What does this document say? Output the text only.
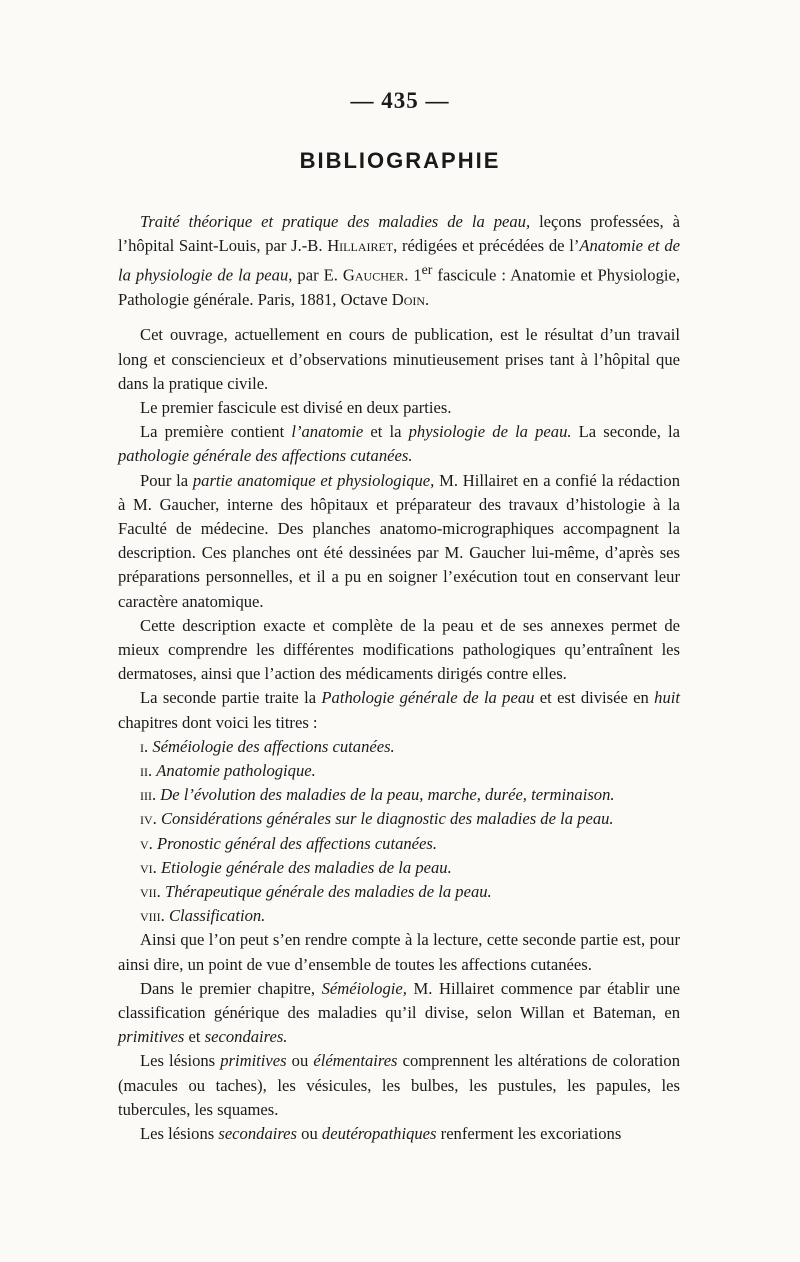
— 435 —
BIBLIOGRAPHIE

Traité théorique et pratique des maladies de la peau, leçons professées, à l’hôpital Saint-Louis, par J.-B. Hillairet, rédigées et précédées de l’Anatomie et de la physiologie de la peau, par E. Gaucher. 1er fascicule : Anatomie et Physiologie, Pathologie générale. Paris, 1881, Octave Doin.

Cet ouvrage, actuellement en cours de publication, est le résultat d’un travail long et consciencieux et d’observations minutieusement prises tant à l’hôpital que dans la pratique civile.

Le premier fascicule est divisé en deux parties.

La première contient l’anatomie et la physiologie de la peau. La seconde, la pathologie générale des affections cutanées.

Pour la partie anatomique et physiologique, M. Hillairet en a confié la rédaction à M. Gaucher, interne des hôpitaux et préparateur des travaux d’histologie à la Faculté de médecine. Des planches anatomo-micrographiques accompagnent la description. Ces planches ont été dessinées par M. Gaucher lui-même, d’après ses préparations personnelles, et il a pu en soigner l’exécution tout en conservant leur caractère anatomique.

Cette description exacte et complète de la peau et de ses annexes permet de mieux comprendre les différentes modifications pathologiques qu’entraînent les dermatoses, ainsi que l’action des médicaments dirigés contre elles.

La seconde partie traite la Pathologie générale de la peau et est divisée en huit chapitres dont voici les titres :

i. Séméiologie des affections cutanées.

ii. Anatomie pathologique.

iii. De l’évolution des maladies de la peau, marche, durée, terminaison.

iv. Considérations générales sur le diagnostic des maladies de la peau.

v. Pronostic général des affections cutanées.

vi. Etiologie générale des maladies de la peau.

vii. Thérapeutique générale des maladies de la peau.

viii. Classification.

Ainsi que l’on peut s’en rendre compte à la lecture, cette seconde partie est, pour ainsi dire, un point de vue d’ensemble de toutes les affections cutanées.

Dans le premier chapitre, Séméiologie, M. Hillairet commence par établir une classification générique des maladies qu’il divise, selon Willan et Bateman, en primitives et secondaires.

Les lésions primitives ou élémentaires comprennent les altérations de coloration (macules ou taches), les vésicules, les bulbes, les pustules, les papules, les tubercules, les squames.

Les lésions secondaires ou deutéropathiques renferment les excoriations
